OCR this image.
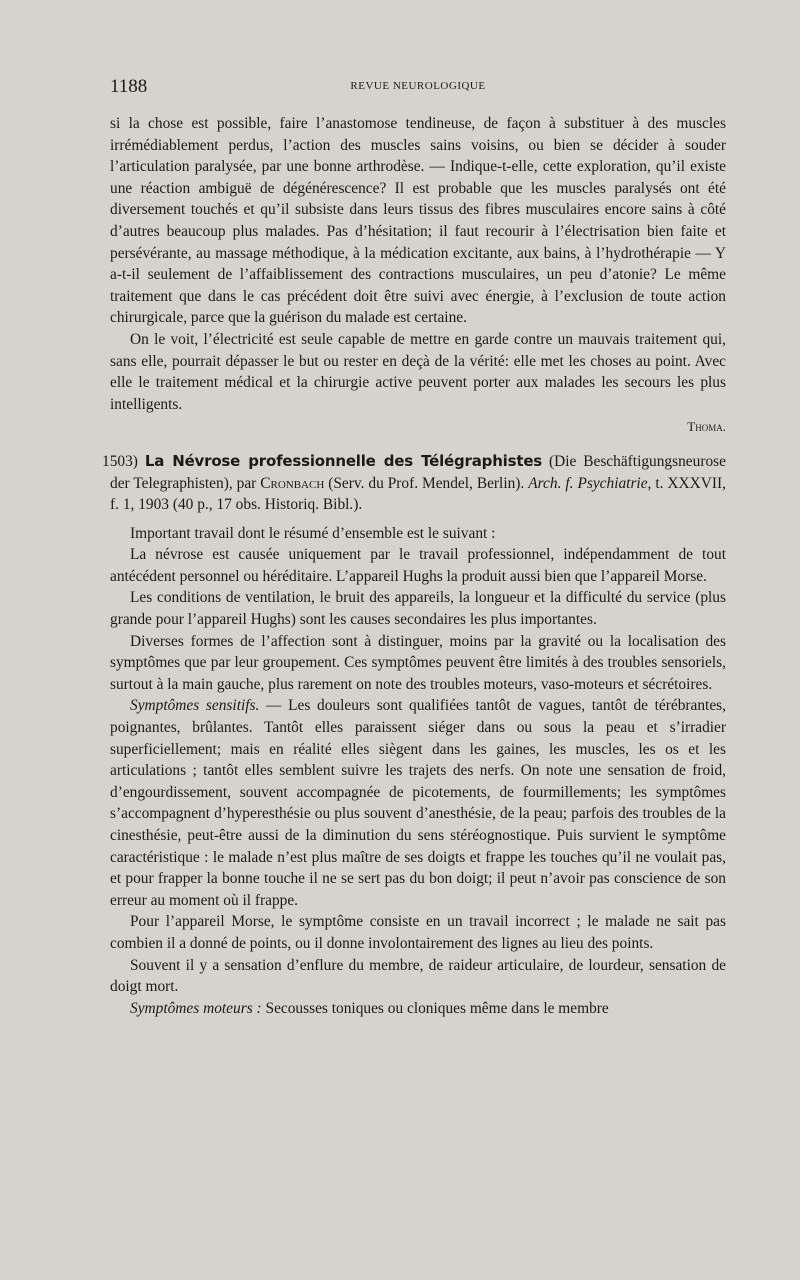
1188	REVUE NEUROLOGIQUE

si la chose est possible, faire l’anastomose tendineuse, de façon à substituer à des muscles irrémédiablement perdus, l’action des muscles sains voisins, ou bien se décider à souder l’articulation paralysée, par une bonne arthrodèse. — Indique-t-elle, cette exploration, qu’il existe une réaction ambiguë de dégénérescence? Il est probable que les muscles paralysés ont été diversement touchés et qu’il subsiste dans leurs tissus des fibres musculaires encore sains à côté d’autres beaucoup plus malades. Pas d’hésitation; il faut recourir à l’électrisation bien faite et persévérante, au massage méthodique, à la médication excitante, aux bains, à l’hydrothérapie — Y a-t-il seulement de l’affaiblissement des contractions musculaires, un peu d’atonie? Le même traitement que dans le cas précédent doit être suivi avec énergie, à l’exclusion de toute action chirurgicale, parce que la guérison du malade est certaine.

On le voit, l’électricité est seule capable de mettre en garde contre un mauvais traitement qui, sans elle, pourrait dépasser le but ou rester en deçà de la vérité: elle met les choses au point. Avec elle le traitement médical et la chirurgie active peuvent porter aux malades les secours les plus intelligents.

Thoma.

1503) La Névrose professionnelle des Télégraphistes (Die Beschäftigungsneurose der Telegraphisten), par Cronbach (Serv. du Prof. Mendel, Berlin). Arch. f. Psychiatrie, t. XXXVII, f. 1, 1903 (40 p., 17 obs. Historiq. Bibl.).

Important travail dont le résumé d’ensemble est le suivant :

La névrose est causée uniquement par le travail professionnel, indépendamment de tout antécédent personnel ou héréditaire. L’appareil Hughs la produit aussi bien que l’appareil Morse.

Les conditions de ventilation, le bruit des appareils, la longueur et la difficulté du service (plus grande pour l’appareil Hughs) sont les causes secondaires les plus importantes.

Diverses formes de l’affection sont à distinguer, moins par la gravité ou la localisation des symptômes que par leur groupement. Ces symptômes peuvent être limités à des troubles sensoriels, surtout à la main gauche, plus rarement on note des troubles moteurs, vaso-moteurs et sécrétoires.

Symptômes sensitifs. — Les douleurs sont qualifiées tantôt de vagues, tantôt de térébrantes, poignantes, brûlantes. Tantôt elles paraissent siéger dans ou sous la peau et s’irradier superficiellement; mais en réalité elles siègent dans les gaines, les muscles, les os et les articulations ; tantôt elles semblent suivre les trajets des nerfs. On note une sensation de froid, d’engourdissement, souvent accompagnée de picotements, de fourmillements; les symptômes s’accompagnent d’hyperesthésie ou plus souvent d’anesthésie, de la peau; parfois des troubles de la cinesthésie, peut-être aussi de la diminution du sens stéréognostique. Puis survient le symptôme caractéristique : le malade n’est plus maître de ses doigts et frappe les touches qu’il ne voulait pas, et pour frapper la bonne touche il ne se sert pas du bon doigt; il peut n’avoir pas conscience de son erreur au moment où il frappe.

Pour l’appareil Morse, le symptôme consiste en un travail incorrect ; le malade ne sait pas combien il a donné de points, ou il donne involontairement des lignes au lieu des points.

Souvent il y a sensation d’enflure du membre, de raideur articulaire, de lourdeur, sensation de doigt mort.

Symptômes moteurs : Secousses toniques ou cloniques même dans le membre
